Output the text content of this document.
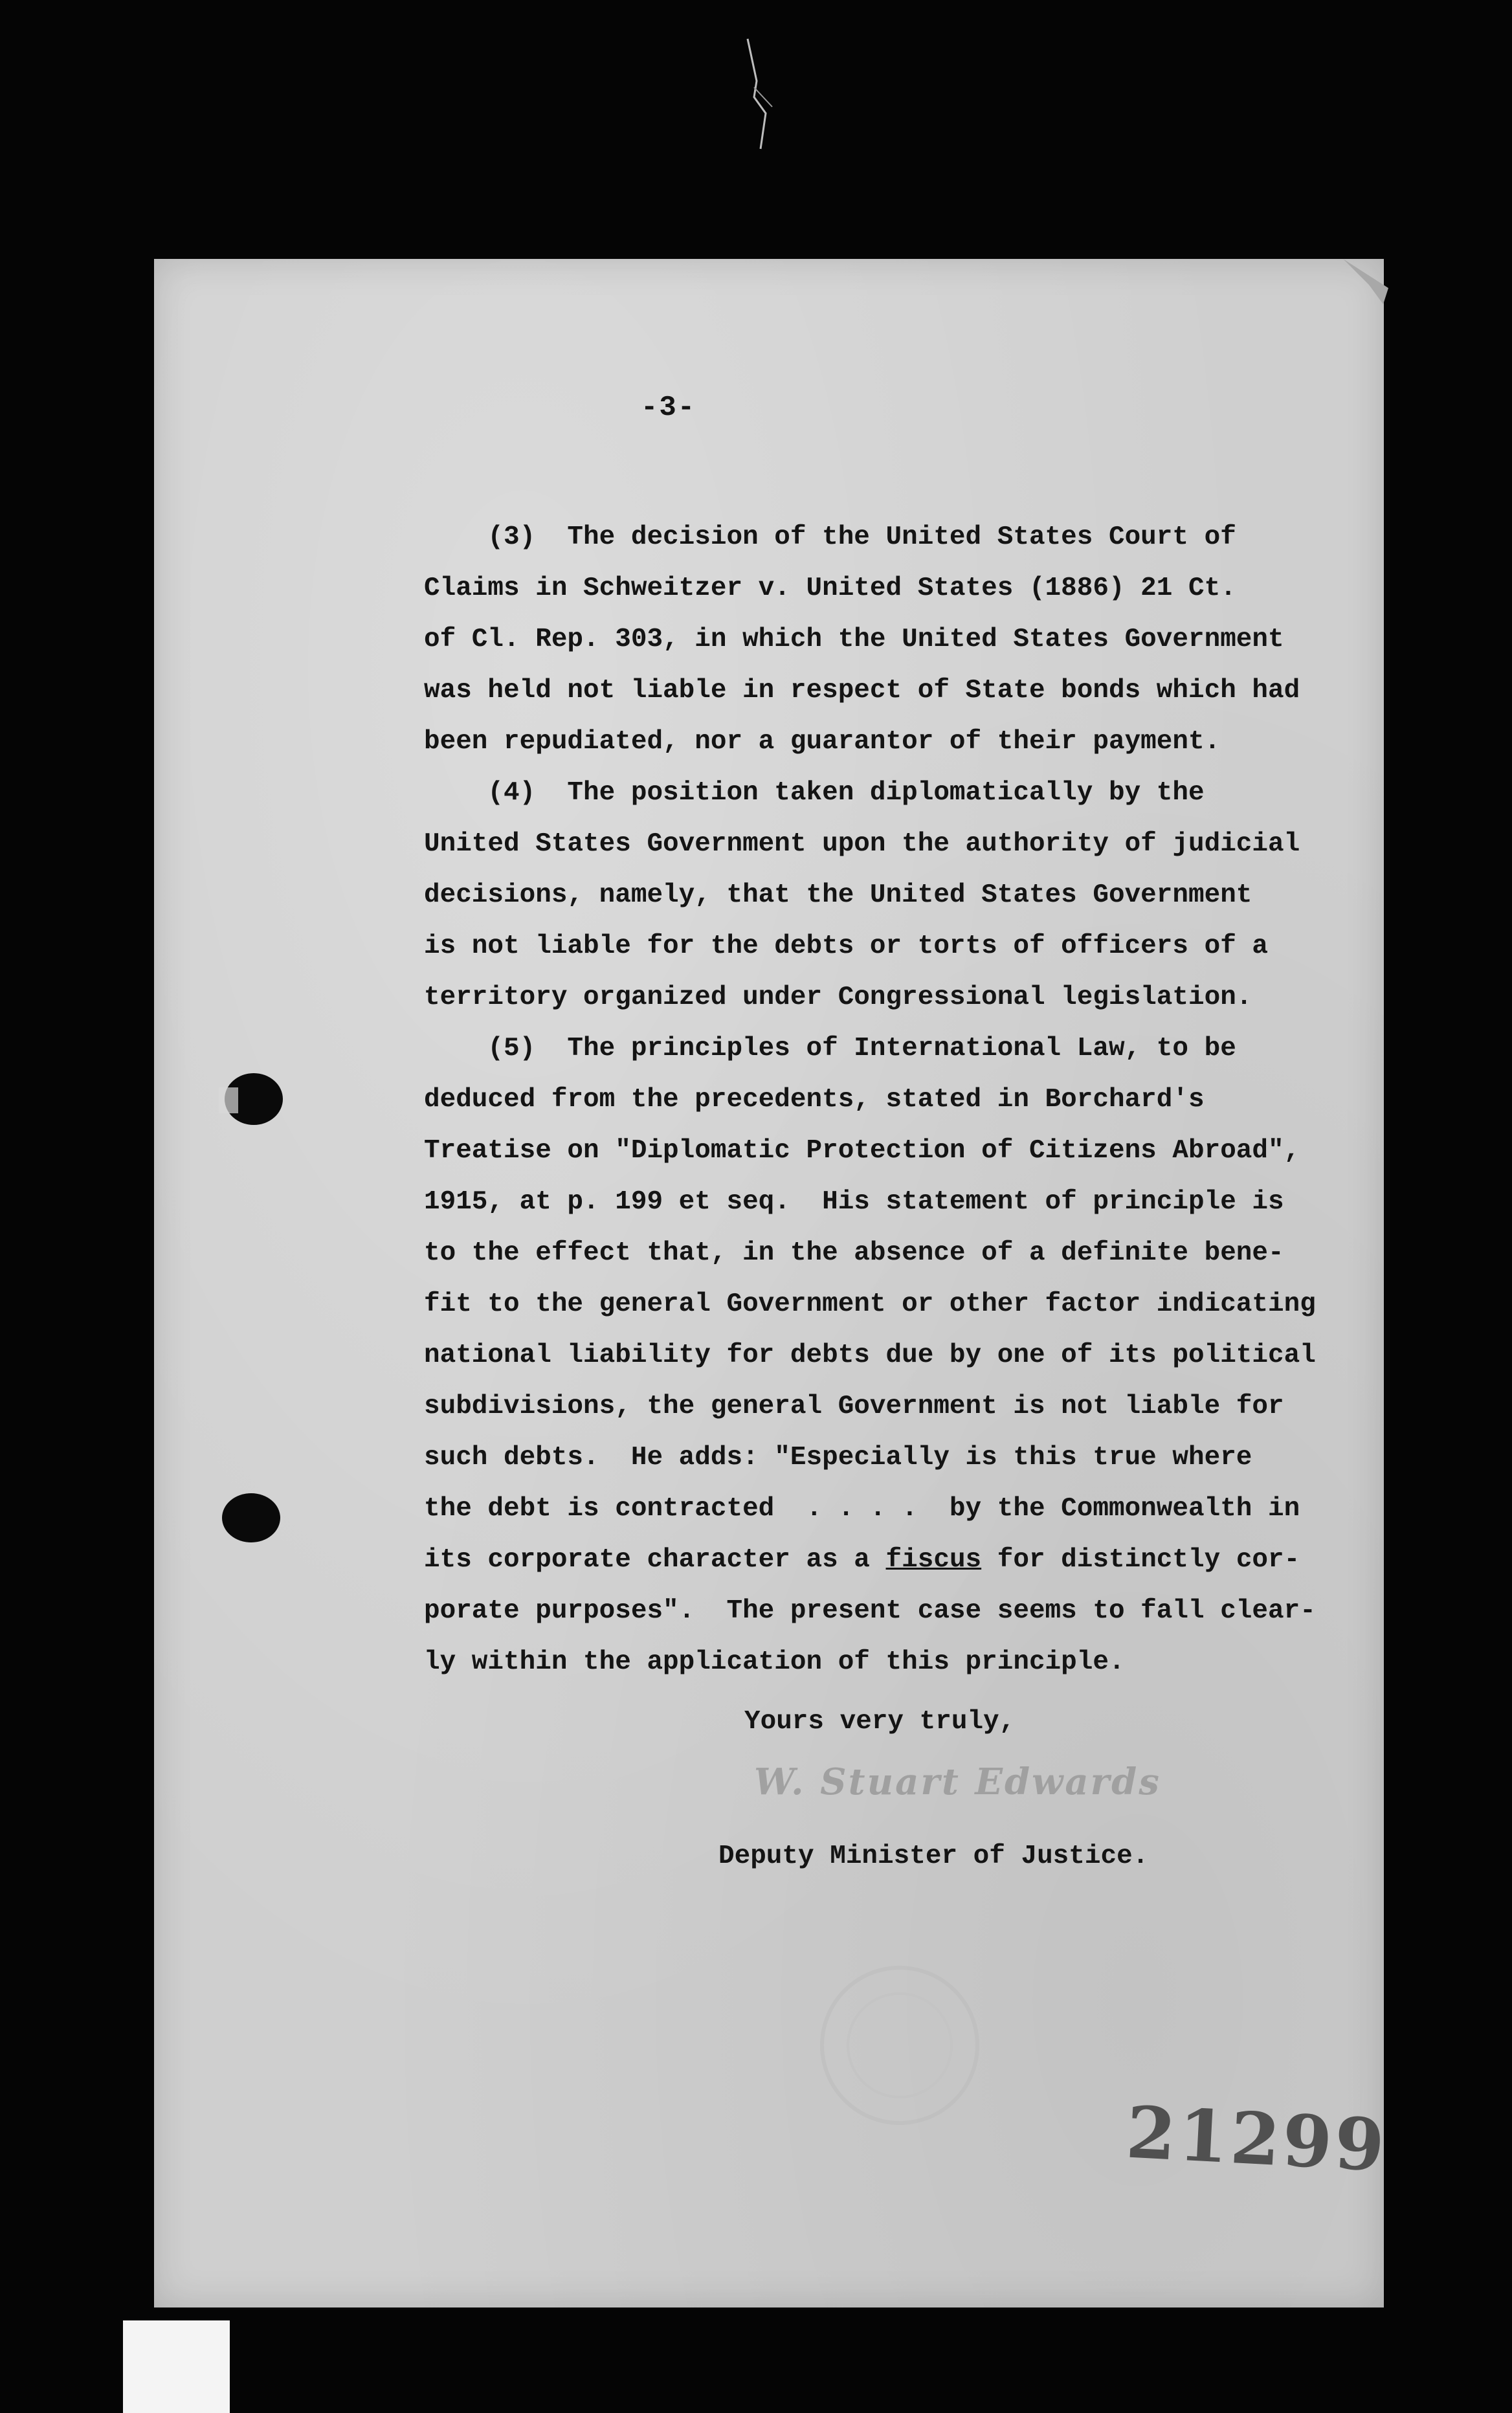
-3-
(3)  The decision of the United States Court of
Claims in Schweitzer v. United States (1886) 21 Ct.
of Cl. Rep. 303, in which the United States Government
was held not liable in respect of State bonds which had
been repudiated, nor a guarantor of their payment.
(4)  The position taken diplomatically by the
United States Government upon the authority of judicial
decisions, namely, that the United States Government
is not liable for the debts or torts of officers of a
territory organized under Congressional legislation.
(5)  The principles of International Law, to be
deduced from the precedents, stated in Borchard's
Treatise on "Diplomatic Protection of Citizens Abroad",
1915, at p. 199 et seq.  His statement of principle is
to the effect that, in the absence of a definite bene-
fit to the general Government or other factor indicating
national liability for debts due by one of its political
subdivisions, the general Government is not liable for
such debts.  He adds: "Especially is this true where
the debt is contracted  . . . .  by the Commonwealth in
its corporate character as a fiscus for distinctly cor-
porate purposes".  The present case seems to fall clear-
ly within the application of this principle.
Yours very truly,
W. Stuart Edwards
Deputy Minister of Justice.
21299
